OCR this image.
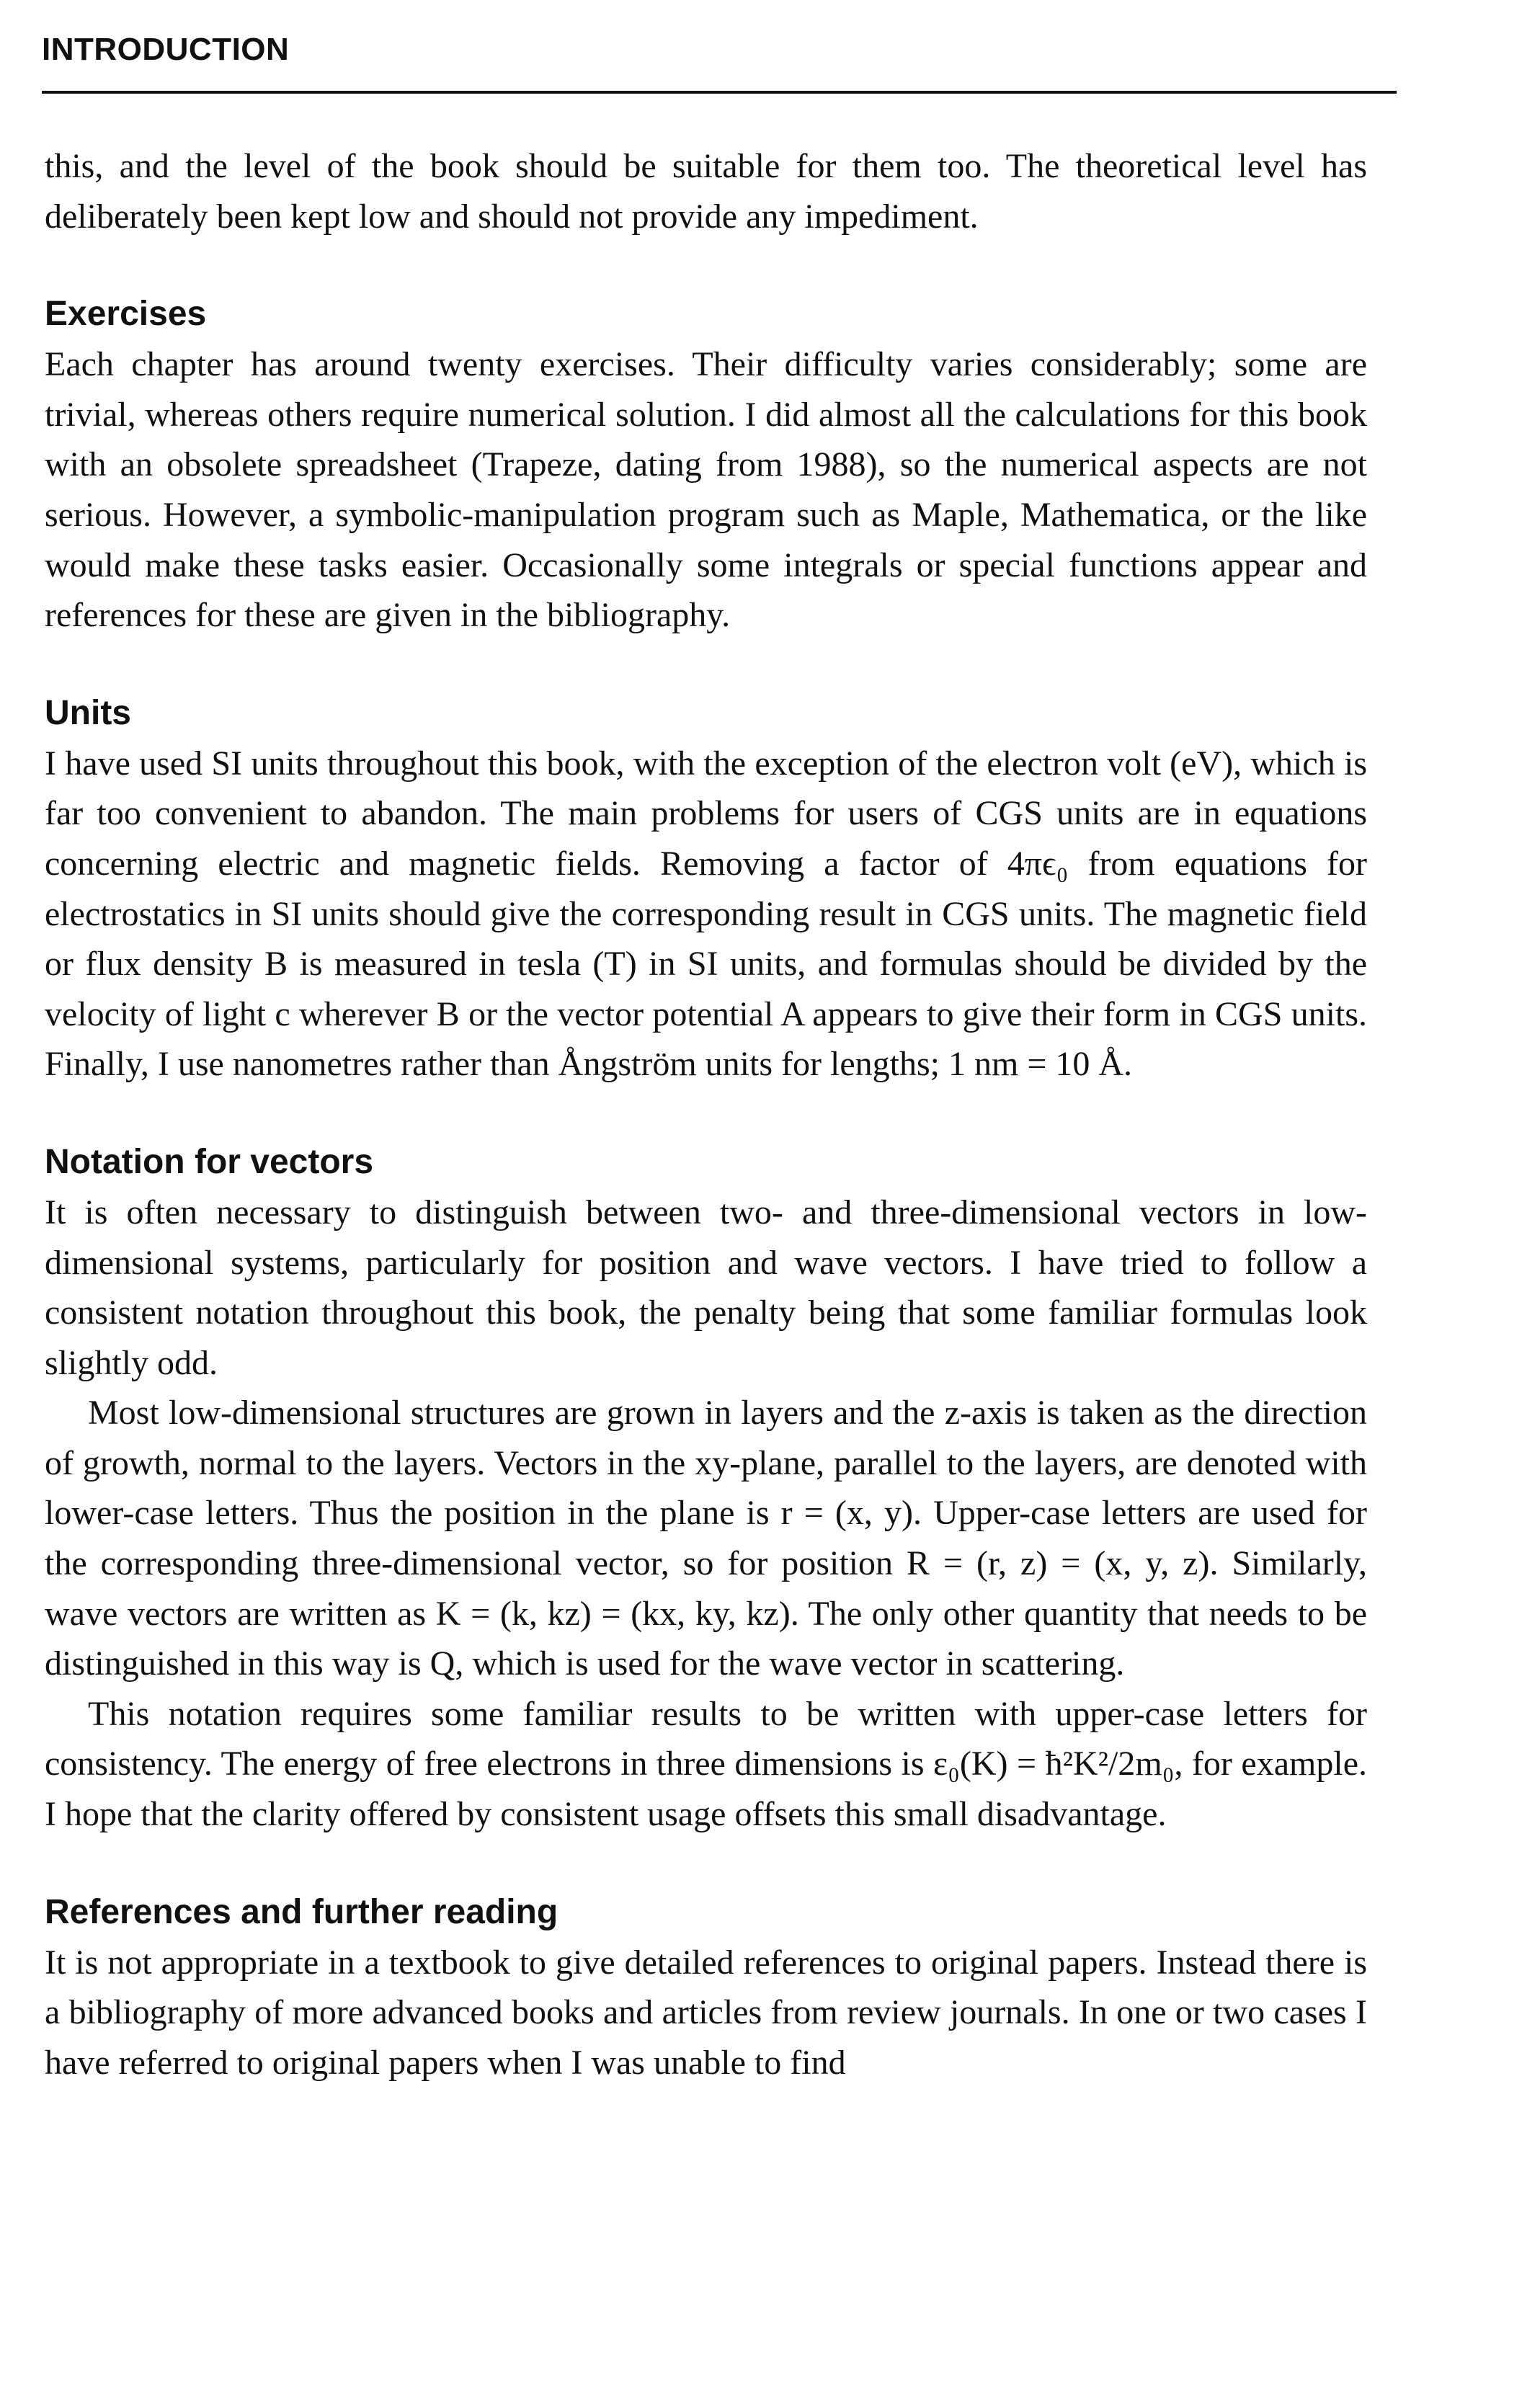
INTRODUCTION

this, and the level of the book should be suitable for them too. The theoretical level has deliberately been kept low and should not provide any impediment.

Exercises

Each chapter has around twenty exercises. Their difficulty varies considerably; some are trivial, whereas others require numerical solution. I did almost all the calculations for this book with an obsolete spreadsheet (Trapeze, dating from 1988), so the numerical aspects are not serious. However, a symbolic-manipulation program such as Maple, Mathematica, or the like would make these tasks easier. Occasionally some integrals or special functions appear and references for these are given in the bibliography.

Units

I have used SI units throughout this book, with the exception of the electron volt (eV), which is far too convenient to abandon. The main problems for users of CGS units are in equations concerning electric and magnetic fields. Removing a factor of 4πϵ₀ from equations for electrostatics in SI units should give the corresponding result in CGS units. The magnetic field or flux density B is measured in tesla (T) in SI units, and formulas should be divided by the velocity of light c wherever B or the vector potential A appears to give their form in CGS units. Finally, I use nanometres rather than Ångström units for lengths; 1 nm = 10 Å.

Notation for vectors

It is often necessary to distinguish between two- and three-dimensional vectors in low-dimensional systems, particularly for position and wave vectors. I have tried to follow a consistent notation throughout this book, the penalty being that some familiar formulas look slightly odd.

Most low-dimensional structures are grown in layers and the z-axis is taken as the direction of growth, normal to the layers. Vectors in the xy-plane, parallel to the layers, are denoted with lower-case letters. Thus the position in the plane is r = (x, y). Upper-case letters are used for the corresponding three-dimensional vector, so for position R = (r, z) = (x, y, z). Similarly, wave vectors are written as K = (k, kz) = (kx, ky, kz). The only other quantity that needs to be distinguished in this way is Q, which is used for the wave vector in scattering.

This notation requires some familiar results to be written with upper-case letters for consistency. The energy of free electrons in three dimensions is ε₀(K) = ħ²K²/2m₀, for example. I hope that the clarity offered by consistent usage offsets this small disadvantage.

References and further reading

It is not appropriate in a textbook to give detailed references to original papers. Instead there is a bibliography of more advanced books and articles from review journals. In one or two cases I have referred to original papers when I was unable to find
